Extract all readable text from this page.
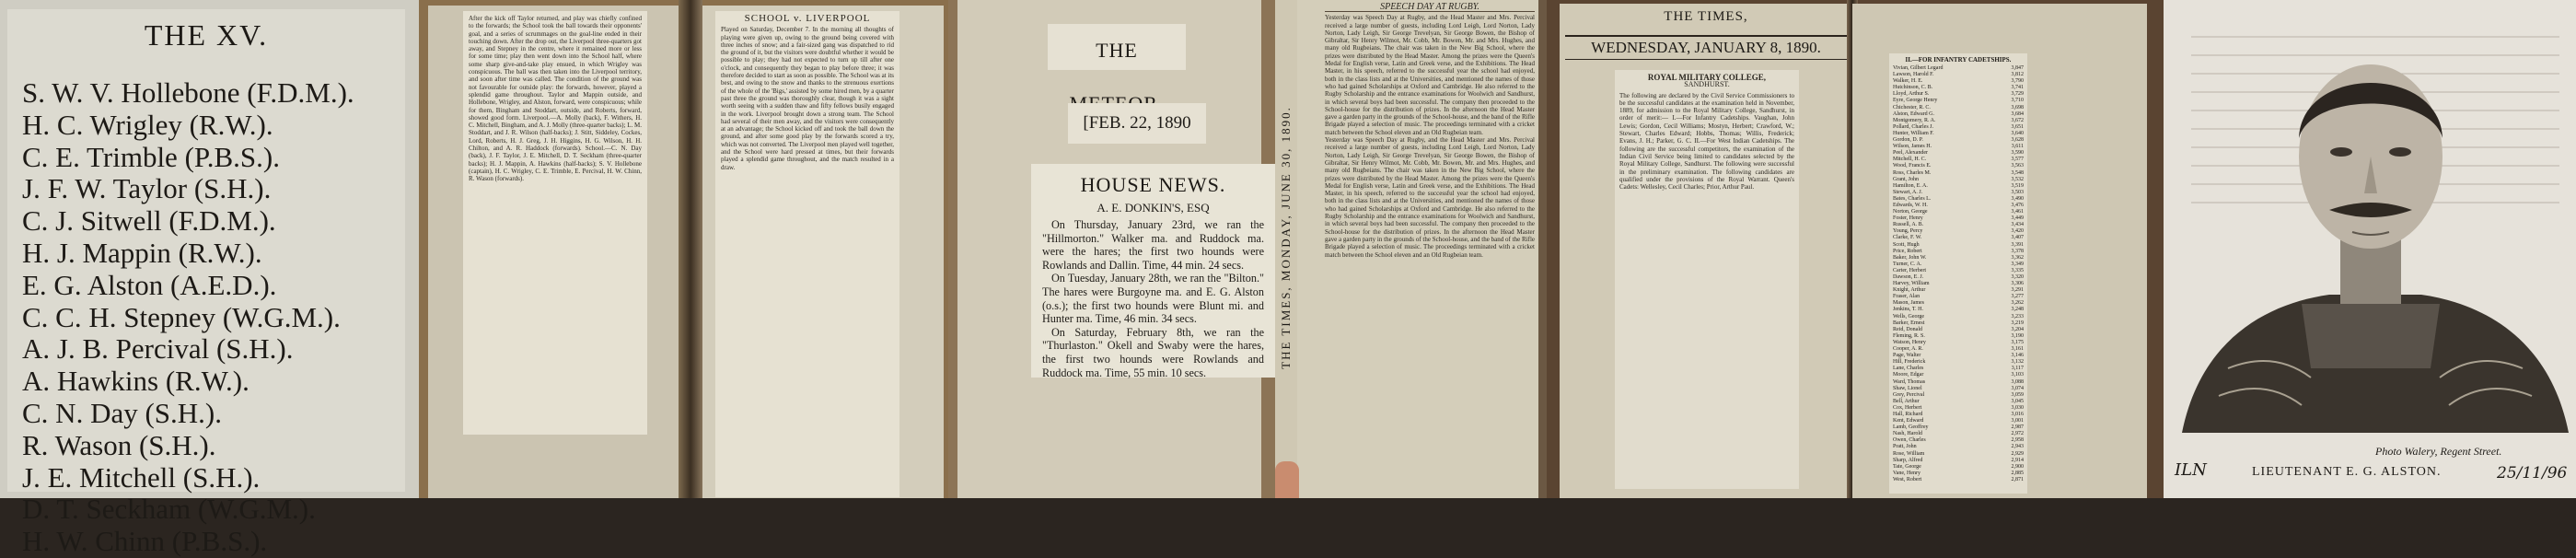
THE XV.
S. W. V. Hollebone (F.D.M.).
H. C. Wrigley (R.W.).
C. E. Trimble (P.B.S.).
J. F. W. Taylor (S.H.).
C. J. Sitwell (F.D.M.).
H. J. Mappin (R.W.).
E. G. Alston (A.E.D.).
C. C. H. Stepney (W.G.M.).
A. J. B. Percival (S.H.).
A. Hawkins (R.W.).
C. N. Day (S.H.).
R. Wason (S.H.).
J. E. Mitchell (S.H.).
D. T. Seckham (W.G.M.).
H. W. Chinn (P.B.S.).

After the kick off Taylor returned, and play was chiefly confined to the forwards; the School took the ball towards their opponents' goal, and a series of scrummages on the goal-line ended in their touching down. After the drop out, the Liverpool three-quarters got away, and Stepney in the centre, where it remained more or less for some time; play then went down into the School half, where some sharp give-and-take play ensued, in which Wrigley was conspicuous. The ball was then taken into the Liverpool territory, and soon after time was called. The condition of the ground was not favourable for outside play: the forwards, however, played a splendid game throughout. Taylor and Mappin outside, and Hollebone, Wrigley, and Alston, forward, were conspicuous; while for them, Bingham and Stoddart, outside, and Roberts, forward, showed good form. Liverpool.—A. Molly (back), F. Withers, H. C. Mitchell, Bingham, and A. J. Molly (three-quarter backs); L. M. Stoddart, and J. R. Wilson (half-backs); J. Stitt, Siddeley, Cockes, Lord, Roberts, H. J. Greg, J. H. Higgins, H. G. Wilson, H. H. Chilton, and A. R. Haddock (forwards). School.—C. N. Day (back), J. F. Taylor, J. E. Mitchell, D. T. Seckham (three-quarter backs); H. J. Mappin, A. Hawkins (half-backs); S. V. Hollebone (captain), H. C. Wrigley, C. E. Trimble, E. Percival, H. W. Chinn, R. Wason (forwards).

SCHOOL v. LIVERPOOL

Played on Saturday, December 7. In the morning all thoughts of playing were given up, owing to the ground being covered with three inches of snow; and a fair-sized gang was dispatched to rid the ground of it, but the visitors were doubtful whether it would be possible to play; they had not expected to turn up till after one o'clock, and consequently they began to play before three; it was therefore decided to start as soon as possible. The School was at its best, and owing to the snow and thanks to the strenuous exertions of the whole of the 'Bigs,' assisted by some hired men, by a quarter past three the ground was thoroughly clear, though it was a sight worth seeing with a sudden thaw and fifty fellows busily engaged in the work. Liverpool brought down a strong team. The School had several of their men away, and the visitors were consequently at an advantage; the School kicked off and took the ball down the ground, and after some good play by the forwards scored a try, which was not converted. The Liverpool men played well together, and the School were hard pressed at times, but their forwards played a splendid game throughout, and the match resulted in a draw.

THE
[FEB. 22, 1890
HOUSE NEWS.
A. E. DONKIN'S, ESQ

On Thursday, January 23rd, we ran the "Hillmorton." Walker ma. and Ruddock ma. were the hares; the first two hounds were Rowlands and Dallin. Time, 44 min. 24 secs.

On Tuesday, January 28th, we ran the "Bilton." The hares were Burgoyne ma. and E. G. Alston (o.s.); the first two hounds were Blunt mi. and Hunter ma. Time, 46 min. 34 secs.

On Saturday, February 8th, we ran the "Thurlaston." Okell and Swaby were the hares, the first two hounds were Rowlands and Ruddock ma. Time, 55 min. 10 secs.

THE TIMES, MONDAY, JUNE 30, 1890.
SPEECH DAY AT RUGBY.

Yesterday was Speech Day at Rugby, and the Head Master and Mrs. Percival received a large number of guests, including Lord Leigh, Lord Norton, Lady Norton, Lady Leigh, Sir George Trevelyan, Sir George Bowen, the Bishop of Gibraltar, Sir Henry Wilmot, Mr. Cobb, Mr. Bowen, Mr. and Mrs. Hughes, and many old Rugbeians. The chair was taken in the New Big School, where the prizes were distributed by the Head Master. Among the prizes were the Queen's Medal for English verse, Latin and Greek verse, and the Exhibitions. The Head Master, in his speech, referred to the successful year the school had enjoyed, both in the class lists and at the Universities, and mentioned the names of those who had gained Scholarships at Oxford and Cambridge. He also referred to the Rugby Scholarship and the entrance examinations for Woolwich and Sandhurst, in which several boys had been successful. The company then proceeded to the School-house for the distribution of prizes. In the afternoon the Head Master gave a garden party in the grounds of the School-house, and the band of the Rifle Brigade played a selection of music. The proceedings terminated with a cricket match between the School eleven and an Old Rugbeian team.

Yesterday was Speech Day at Rugby, and the Head Master and Mrs. Percival received a large number of guests, including Lord Leigh, Lord Norton, Lady Norton, Lady Leigh, Sir George Trevelyan, Sir George Bowen, the Bishop of Gibraltar, Sir Henry Wilmot, Mr. Cobb, Mr. Bowen, Mr. and Mrs. Hughes, and many old Rugbeians. The chair was taken in the New Big School, where the prizes were distributed by the Head Master. Among the prizes were the Queen's Medal for English verse, Latin and Greek verse, and the Exhibitions. The Head Master, in his speech, referred to the successful year the school had enjoyed, both in the class lists and at the Universities, and mentioned the names of those who had gained Scholarships at Oxford and Cambridge. He also referred to the Rugby Scholarship and the entrance examinations for Woolwich and Sandhurst, in which several boys had been successful. The company then proceeded to the School-house for the distribution of prizes. In the afternoon the Head Master gave a garden party in the grounds of the School-house, and the band of the Rifle Brigade played a selection of music. The proceedings terminated with a cricket match between the School eleven and an Old Rugbeian team.

THE TIMES,
WEDNESDAY, JANUARY 8, 1890.
ROYAL MILITARY COLLEGE,
SANDHURST.

The following are declared by the Civil Service Commissioners to be the successful candidates at the examination held in November, 1889, for admission to the Royal Military College, Sandhurst, in order of merit:— I.—For Infantry Cadetships. Vaughan, John Lewis; Gordon, Cecil Williams; Mostyn, Herbert; Crawford, W.; Stewart, Charles Edward; Hobbs, Thomas; Willis, Frederick; Evans, J. H.; Parker, G. C. II.—For West Indian Cadetships. The following are the successful competitors, the examination of the Indian Civil Service being limited to candidates selected by the Royal Military College, Sandhurst. The following were successful in the preliminary examination. The following candidates are qualified under the provisions of the Royal Warrant. Queen's Cadets: Wellesley, Cecil Charles; Prior, Arthur Paul.

II.—FOR INFANTRY CADETSHIPS.
Vivian, Gilbert Legard	3,847
Lawson, Harold F.	3,812
Walker, H. E.	3,790
Hutchinson, C. B.	3,741
Lloyd, Arthur S.	3,729
Eyre, George Henry	3,710
Chichester, R. C.	3,698
Alston, Edward G.	3,684
Montgomery, R. A.	3,672
Pollard, Charles J.	3,651
Hunter, William F.	3,640
Gordon, D. P.	3,628
Wilson, James H.	3,611
Peel, Alexander	3,590
Mitchell, H. C.	3,577
Wood, Francis E.	3,563
Ross, Charles M.	3,548
Grant, John	3,532
Hamilton, E. A.	3,519
Stewart, A. J.	3,503
Bates, Charles L.	3,490
Edwards, W. H.	3,476
Norton, George	3,461
Foster, Henry	3,449
Russell, A. B.	3,434
Young, Percy	3,420
Clarke, F. W.	3,407
Scott, Hugh	3,391
Price, Robert	3,378
Baker, John W.	3,362
Turner, C. A.	3,349
Carter, Herbert	3,335
Dawson, E. J.	3,320
Harvey, William	3,306
Knight, Arthur	3,291
Fraser, Alan	3,277
Mason, James	3,262
Jenkins, T. H.	3,248
Wells, George	3,233
Barker, Ernest	3,219
Reid, Donald	3,204
Fleming, R. S.	3,190
Watson, Henry	3,175
Cooper, A. R.	3,161
Page, Walter	3,146
Hill, Frederick	3,132
Lane, Charles	3,117
Moore, Edgar	3,103
Ward, Thomas	3,088
Shaw, Lionel	3,074
Grey, Percival	3,059
Bell, Arthur	3,045
Cox, Herbert	3,030
Hall, Richard	3,016
Kent, Edward	3,001
Lamb, Geoffrey	2,987
Nash, Harold	2,972
Owen, Charles	2,958
Pratt, John	2,943
Rose, William	2,929
Sharp, Alfred	2,914
Tate, George	2,900
Vane, Henry	2,885
West, Robert	2,871
Photo Walery, Regent Street.
LIEUTENANT E. G. ALSTON.
ILN	25/11/96
